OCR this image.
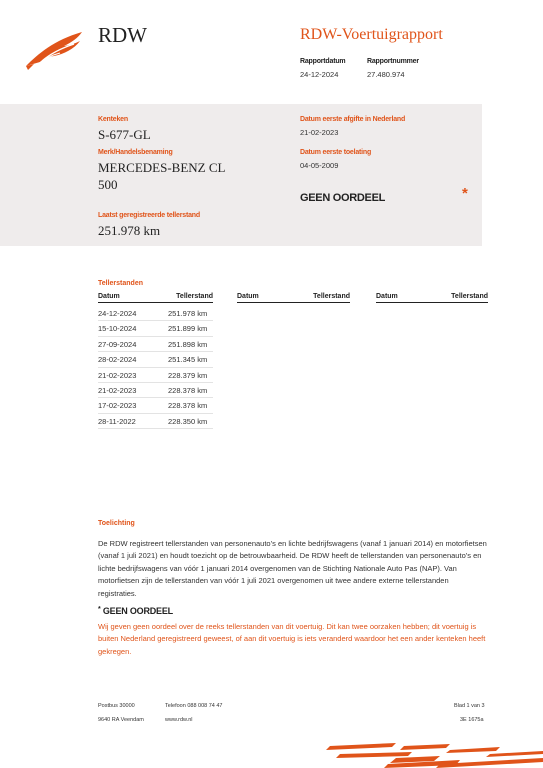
RDW	RDW-Voertuigrapport
Rapportdatum
24-12-2024
Rapportnummer
27.480.974
Kenteken
S-677-GL
Merk/Handelsbenaming
MERCEDES-BENZ CL
500
Laatst geregistreerde tellerstand
251.978 km
Datum eerste afgifte in Nederland
21-02-2023
Datum eerste toelating
04-05-2009
GEEN OORDEEL	*
Tellerstanden
Datum	Tellerstand	Datum	Tellerstand	Datum	Tellerstand
24-12-2024	251.978 km
15-10-2024	251.899 km
27-09-2024	251.898 km
28-02-2024	251.345 km
21-02-2023	228.379 km
21-02-2023	228.378 km
17-02-2023	228.378 km
28-11-2022	228.350 km
Toelichting
De RDW registreert tellerstanden van personenauto’s en lichte bedrijfswagens (vanaf 1 januari 2014) en motorfietsen (vanaf 1 juli 2021) en houdt toezicht op de betrouwbaarheid. De RDW heeft de tellerstanden van personenauto’s en lichte bedrijfswagens van vóór 1 januari 2014 overgenomen van de Stichting Nationale Auto Pas (NAP). Van motorfietsen zijn de tellerstanden van vóór 1 juli 2021 overgenomen uit twee andere externe tellerstanden registraties.
* GEEN OORDEEL
Wij geven geen oordeel over de reeks tellerstanden van dit voertuig. Dit kan twee oorzaken hebben; dit voertuig is buiten Nederland geregistreerd geweest, of aan dit voertuig is iets veranderd waardoor het een ander kenteken heeft gekregen.
Postbus 30000
9640 RA Veendam
Telefoon 088 008 74 47
www.rdw.nl
Blad 1 van 3
3E 1675a
